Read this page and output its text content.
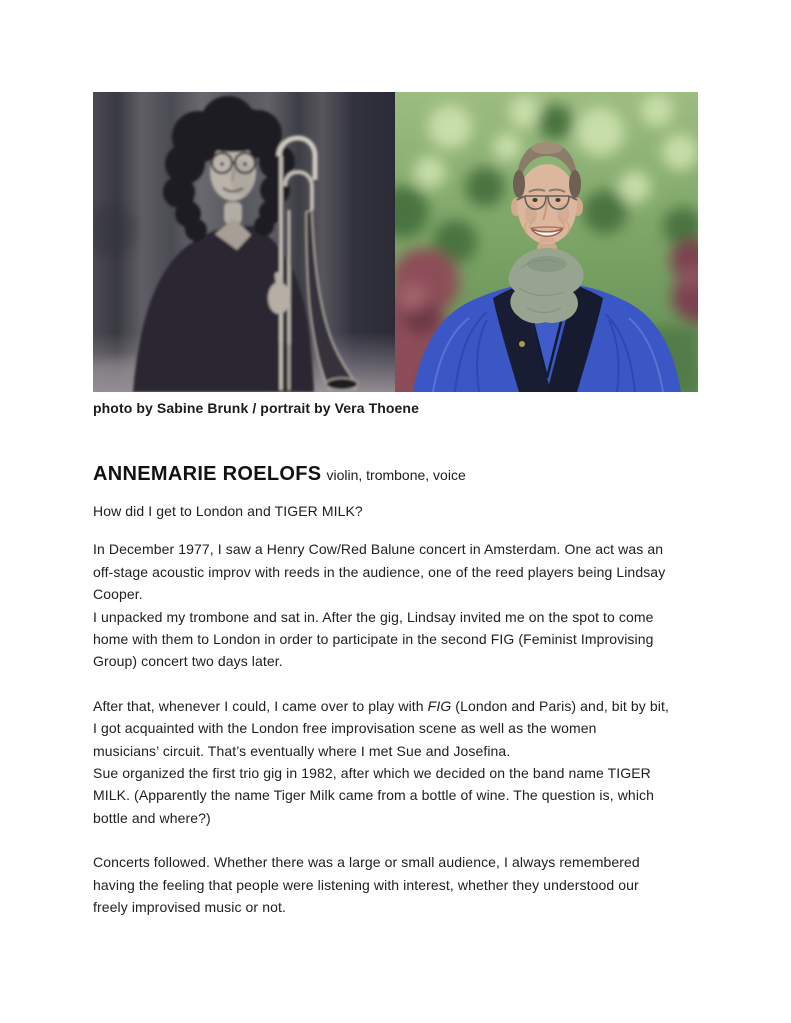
photo by Sabine Brunk / portrait by Vera Thoene

ANNEMARIE ROELOFS violin, trombone, voice

How did I get to London and TIGER MILK?

In December 1977, I saw a Henry Cow/Red Balune concert in Amsterdam. One act was an
off-stage acoustic improv with reeds in the audience, one of the reed players being Lindsay
Cooper.
I unpacked my trombone and sat in. After the gig, Lindsay invited me on the spot to come
home with them to London in order to participate in the second FIG (Feminist Improvising
Group) concert two days later.

After that, whenever I could, I came over to play with FIG (London and Paris) and, bit by bit,
I got acquainted with the London free improvisation scene as well as the women
musicians’ circuit. That’s eventually where I met Sue and Josefina.
Sue organized the first trio gig in 1982, after which we decided on the band name TIGER
MILK. (Apparently the name Tiger Milk came from a bottle of wine. The question is, which
bottle and where?)

Concerts followed. Whether there was a large or small audience, I always remembered
having the feeling that people were listening with interest, whether they understood our
freely improvised music or not.
